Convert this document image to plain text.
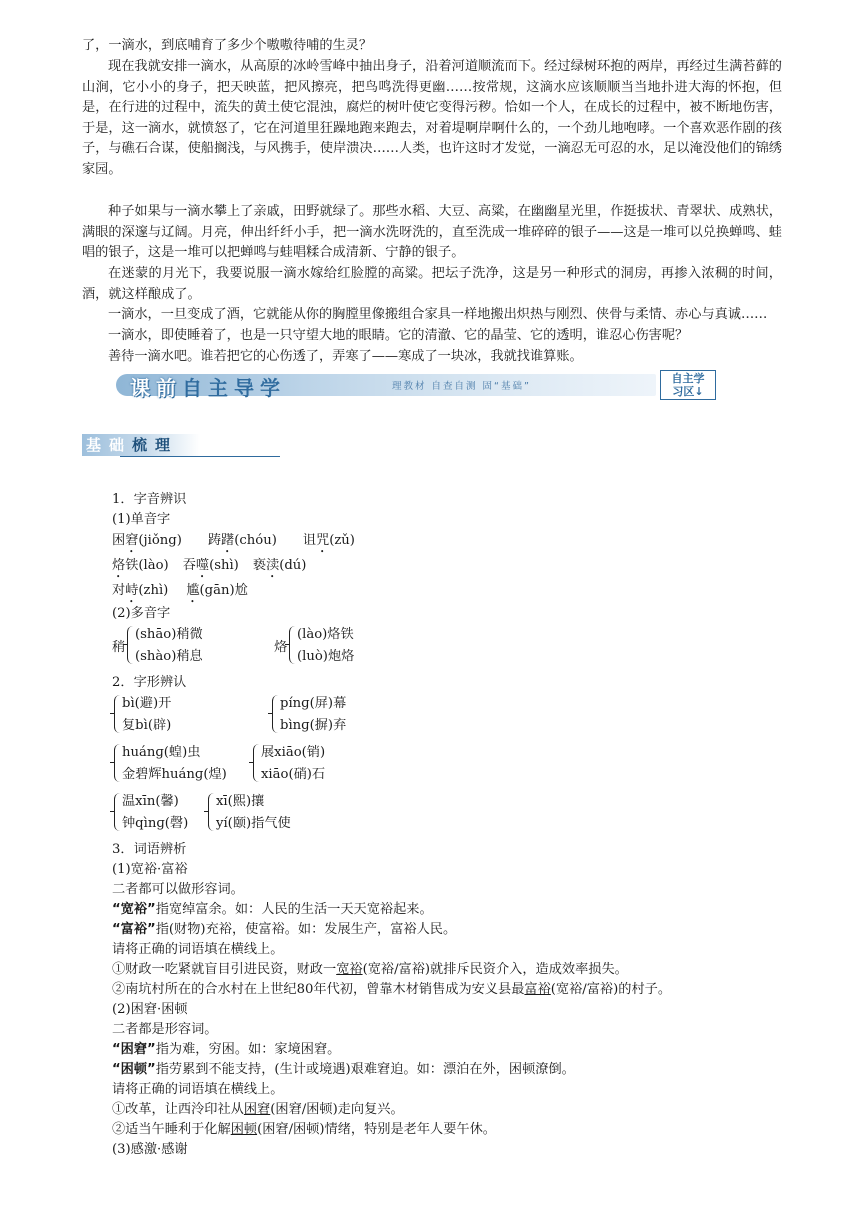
了，一滴水，到底哺育了多少个嗷嗷待哺的生灵？

现在我就安排一滴水，从高原的冰岭雪峰中抽出身子，沿着河道顺流而下。经过绿树环抱的两岸，再经过生满苔藓的山涧，它小小的身子，把天映蓝，把风擦亮，把鸟鸣洗得更幽……按常规，这滴水应该顺顺当当地扑进大海的怀抱，但是，在行进的过程中，流失的黄土使它混浊，腐烂的树叶使它变得污秽。恰如一个人，在成长的过程中，被不断地伤害，于是，这一滴水，就愤怒了，它在河道里狂躁地跑来跑去，对着堤啊岸啊什么的，一个劲儿地咆哮。一个喜欢恶作剧的孩子，与礁石合谋，使船搁浅，与风携手，使岸溃决……人类，也许这时才发觉，一滴忍无可忍的水，足以淹没他们的锦绣家园。

种子如果与一滴水攀上了亲戚，田野就绿了。那些水稻、大豆、高粱，在幽幽星光里，作挺拔状、青翠状、成熟状，满眼的深邃与辽阔。月亮，伸出纤纤小手，把一滴水洗呀洗的，直至洗成一堆碎碎的银子——这是一堆可以兑换蝉鸣、蛙唱的银子，这是一堆可以把蝉鸣与蛙唱糅合成清新、宁静的银子。

在迷蒙的月光下，我要说服一滴水嫁给红脸膛的高粱。把坛子洗净，这是另一种形式的洞房，再掺入浓稠的时间，酒，就这样酿成了。

一滴水，一旦变成了酒，它就能从你的胸膛里像搬组合家具一样地搬出炽热与刚烈、侠骨与柔情、赤心与真诚……

一滴水，即使睡着了，也是一只守望大地的眼睛。它的清澈、它的晶莹、它的透明，谁忍心伤害呢？

善待一滴水吧。谁若把它的心伤透了，弄寒了——寒成了一块冰，我就找谁算账。

课前自主导学	理教材 自查自测 固“基础”
自主学
习区↓
基础梳理
1．字音辨识
(1)单音字
困窘(jiǒng) 踌躇(chóu) 诅咒(zǔ)
烙铁(lào) 吞噬(shì) 亵渎(dú)
对峙(zhì) 尴(gān)尬
(2)多音字
稍
(shāo)稍微
(shào)稍息
烙
(lào)烙铁
(luò)炮烙
2．字形辨认
bì(避)开
复bì(辟)
pínɡ(屏)幕
bìnɡ(摒)弃
huánɡ(蝗)虫
金碧辉huánɡ(煌)
展xiāo(销)
xiāo(硝)石
温xīn(馨)
钟qìnɡ(磬)
xī(熙)攘
yí(颐)指气使
3．词语辨析
(1)宽裕·富裕
二者都可以做形容词。
“宽裕”指宽绰富余。如：人民的生活一天天宽裕起来。
“富裕”指(财物)充裕，使富裕。如：发展生产，富裕人民。
请将正确的词语填在横线上。
①财政一吃紧就盲目引进民资，财政一宽裕(宽裕/富裕)就排斥民资介入，造成效率损失。
②南坑村所在的合水村在上世纪80年代初，曾靠木材销售成为安义县最富裕(宽裕/富裕)的村子。
(2)困窘·困顿
二者都是形容词。
“困窘”指为难，穷困。如：家境困窘。
“困顿”指劳累到不能支持，(生计或境遇)艰难窘迫。如：漂泊在外，困顿潦倒。
请将正确的词语填在横线上。
①改革，让西泠印社从困窘(困窘/困顿)走向复兴。
②适当午睡利于化解困顿(困窘/困顿)情绪，特别是老年人要午休。
(3)感激·感谢
